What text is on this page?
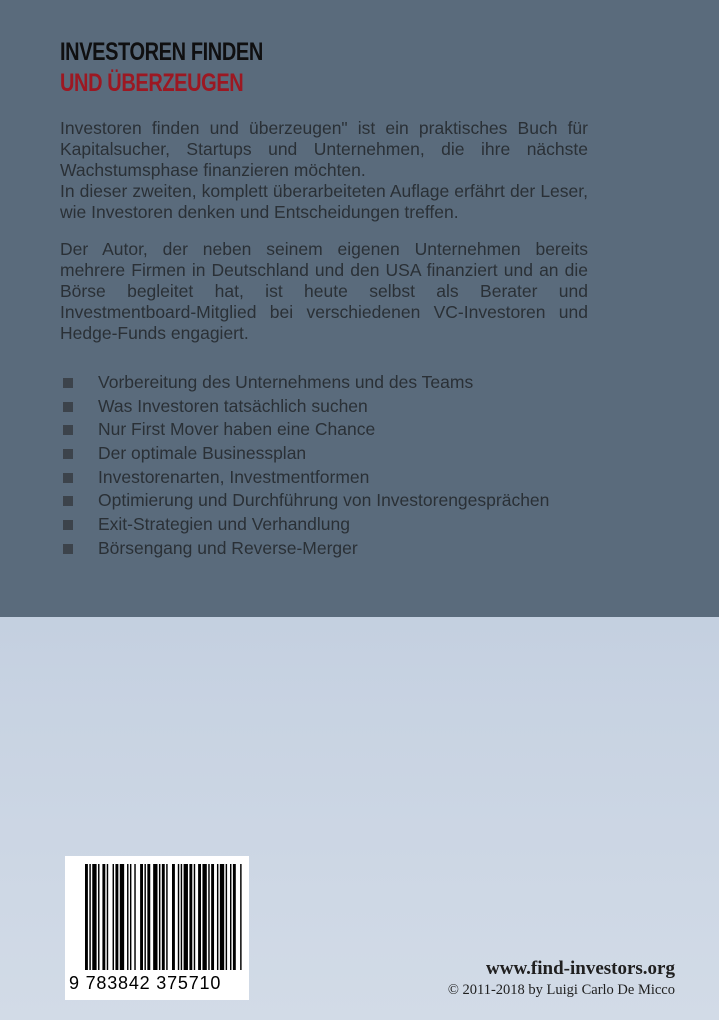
INVESTOREN FINDEN
UND ÜBERZEUGEN

Investoren finden und überzeugen" ist ein praktisches Buch für Kapitalsucher, Startups und Unternehmen, die ihre nächste Wachstumsphase finanzieren möchten.

In dieser zweiten, komplett überarbeiteten Auflage erfährt der Leser, wie Investoren denken und Entscheidungen treffen.

Der Autor, der neben seinem eigenen Unternehmen bereits mehrere Firmen in Deutschland und den USA finanziert und an die Börse begleitet hat, ist heute selbst als Berater und Investmentboard-Mitglied bei verschiedenen VC-Investoren und Hedge-Funds engagiert.

Vorbereitung des Unternehmens und des Teams
Was Investoren tatsächlich suchen
Nur First Mover haben eine Chance
Der optimale Businessplan
Investorenarten, Investmentformen
Optimierung und Durchführung von Investorengesprächen
Exit-Strategien und Verhandlung
Börsengang und Reverse-Merger
9 783842 375710
www.find-investors.org
© 2011-2018 by Luigi Carlo De Micco
